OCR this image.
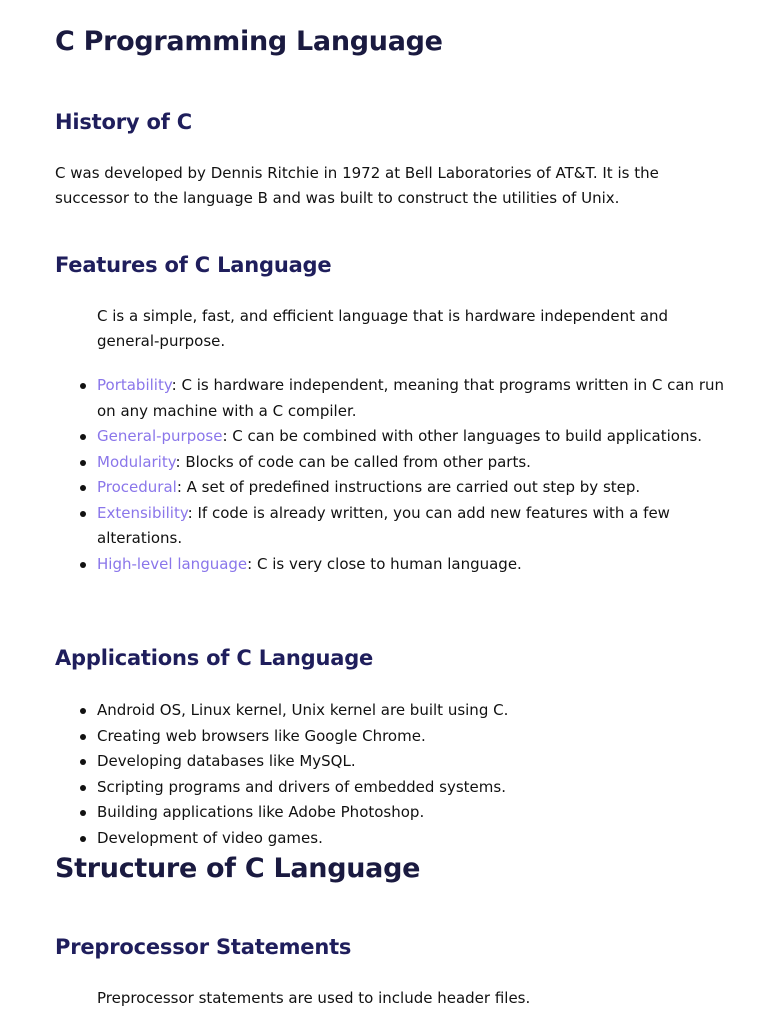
C Programming Language
History of C

C was developed by Dennis Ritchie in 1972 at Bell Laboratories of AT&T. It is the successor to the language B and was built to construct the utilities of Unix.

Features of C Language

C is a simple, fast, and efficient language that is hardware independent and general-purpose.

Portability: C is hardware independent, meaning that programs written in C can run on any machine with a C compiler.
General-purpose: C can be combined with other languages to build applications.
Modularity: Blocks of code can be called from other parts.
Procedural: A set of predefined instructions are carried out step by step.
Extensibility: If code is already written, you can add new features with a few alterations.
High-level language: C is very close to human language.
Applications of C Language
Android OS, Linux kernel, Unix kernel are built using C.
Creating web browsers like Google Chrome.
Developing databases like MySQL.
Scripting programs and drivers of embedded systems.
Building applications like Adobe Photoshop.
Development of video games.
Structure of C Language
Preprocessor Statements

Preprocessor statements are used to include header files.
